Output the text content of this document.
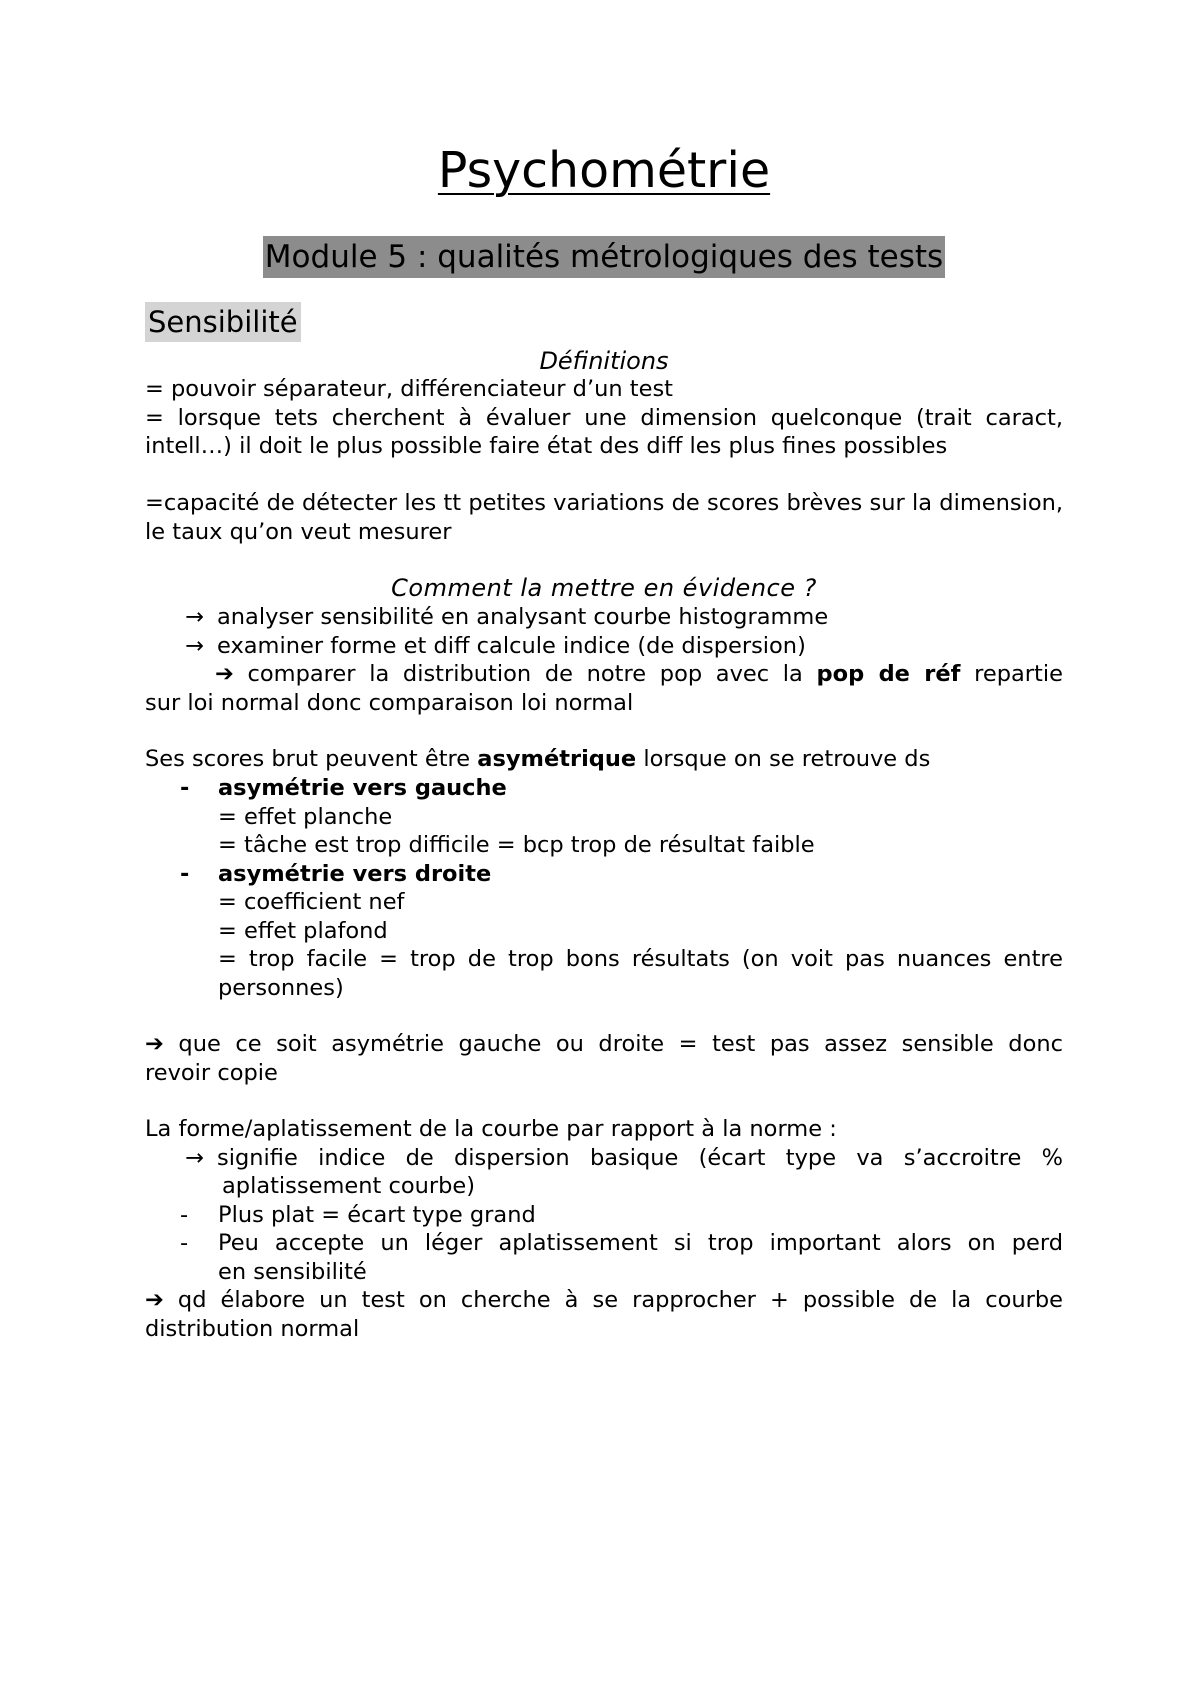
Psychométrie
Module 5 : qualités métrologiques des tests
Sensibilité
Définitions
= pouvoir séparateur, différenciateur d’un test
= lorsque tets cherchent à évaluer une dimension quelconque (trait caract, intell…) il doit le plus possible faire état des diff les plus fines possibles
=capacité de détecter les tt petites variations de scores brèves sur la dimension, le taux qu’on veut mesurer
Comment la mettre en évidence ?
→ analyser sensibilité en analysant courbe histogramme
→ examiner forme et diff calcule indice (de dispersion)
➔ comparer la distribution de notre pop avec la pop de réf repartie
sur loi normal donc comparaison loi normal
Ses scores brut peuvent être asymétrique lorsque on se retrouve ds
- asymétrie vers gauche
= effet planche
= tâche est trop difficile = bcp trop de résultat faible
- asymétrie vers droite
= coefficient nef
= effet plafond
= trop facile = trop de trop bons résultats (on voit pas nuances entre
personnes)
➔ que ce soit asymétrie gauche ou droite = test pas assez sensible donc
revoir copie
La forme/aplatissement de la courbe par rapport à la norme :
→ signifie indice de dispersion basique (écart type va s’accroitre %
aplatissement courbe)
- Plus plat = écart type grand
- Peu accepte un léger aplatissement si trop important alors on perd
en sensibilité
➔ qd élabore un test on cherche à se rapprocher + possible de la courbe
distribution normal
